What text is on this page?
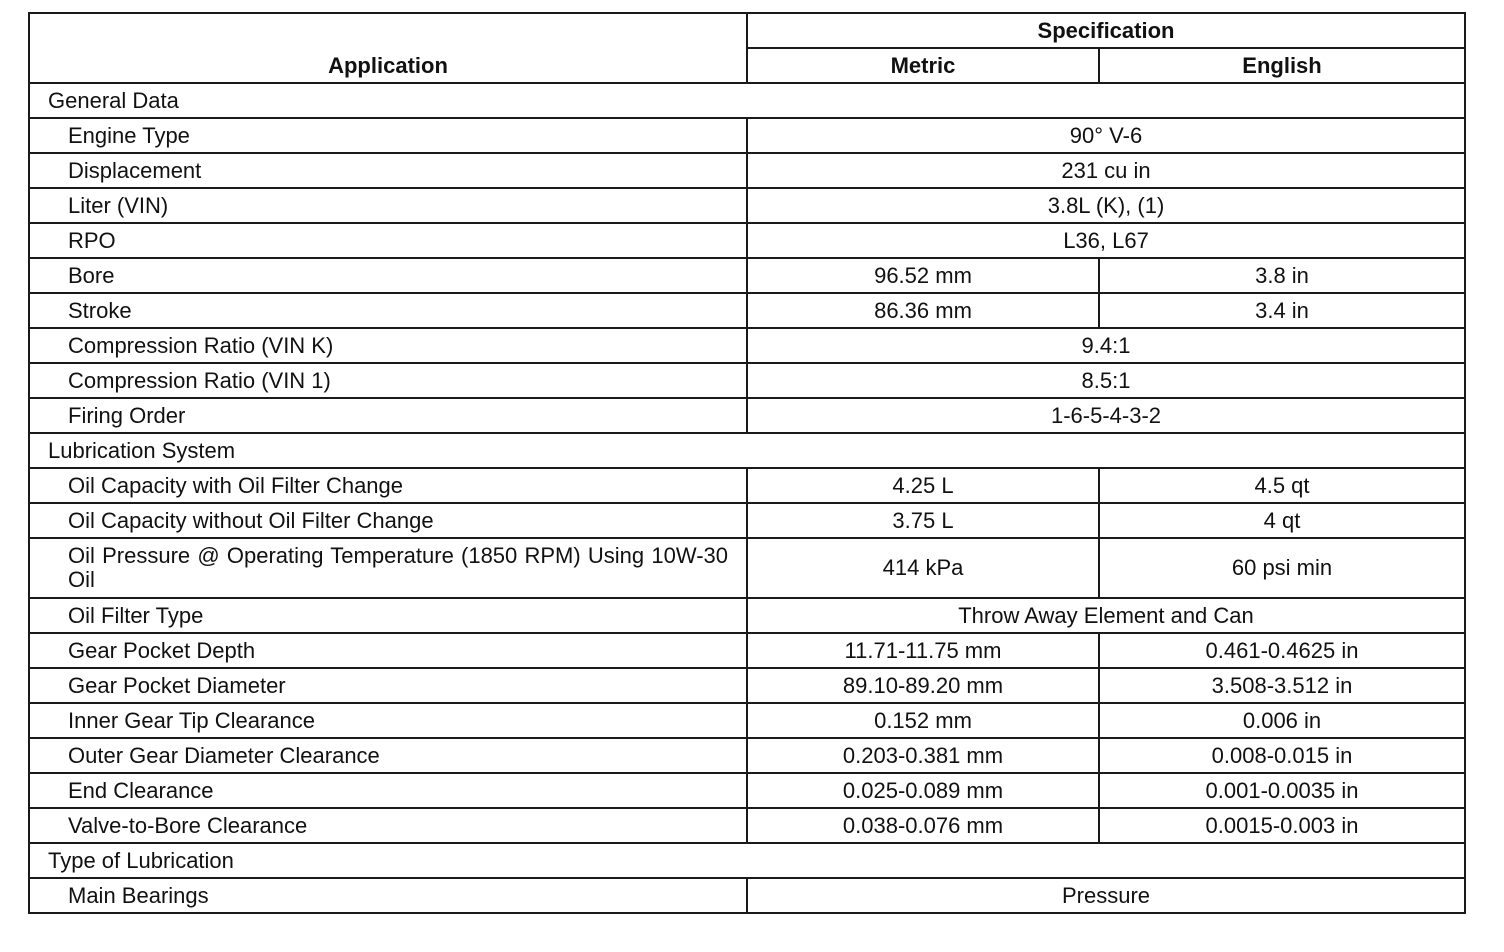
Application	Specification	
	Metric	English
General Data		
Engine Type	90° V-6	
Displacement	231 cu in	
Liter (VIN)	3.8L (K), (1)	
RPO	L36, L67	
Bore	96.52 mm	3.8 in
Stroke	86.36 mm	3.4 in
Compression Ratio (VIN K)	9.4:1	
Compression Ratio (VIN 1)	8.5:1	
Firing Order	1-6-5-4-3-2	
Lubrication System		
Oil Capacity with Oil Filter Change	4.25 L	4.5 qt
Oil Capacity without Oil Filter Change	3.75 L	4 qt
Oil Pressure @ Operating Temperature (1850 RPM) Using 10W-30 Oil	414 kPa	60 psi min
Oil Filter Type	Throw Away Element and Can	
Gear Pocket Depth	11.71-11.75 mm	0.461-0.4625 in
Gear Pocket Diameter	89.10-89.20 mm	3.508-3.512 in
Inner Gear Tip Clearance	0.152 mm	0.006 in
Outer Gear Diameter Clearance	0.203-0.381 mm	0.008-0.015 in
End Clearance	0.025-0.089 mm	0.001-0.0035 in
Valve-to-Bore Clearance	0.038-0.076 mm	0.0015-0.003 in
Type of Lubrication		
Main Bearings	Pressure	
